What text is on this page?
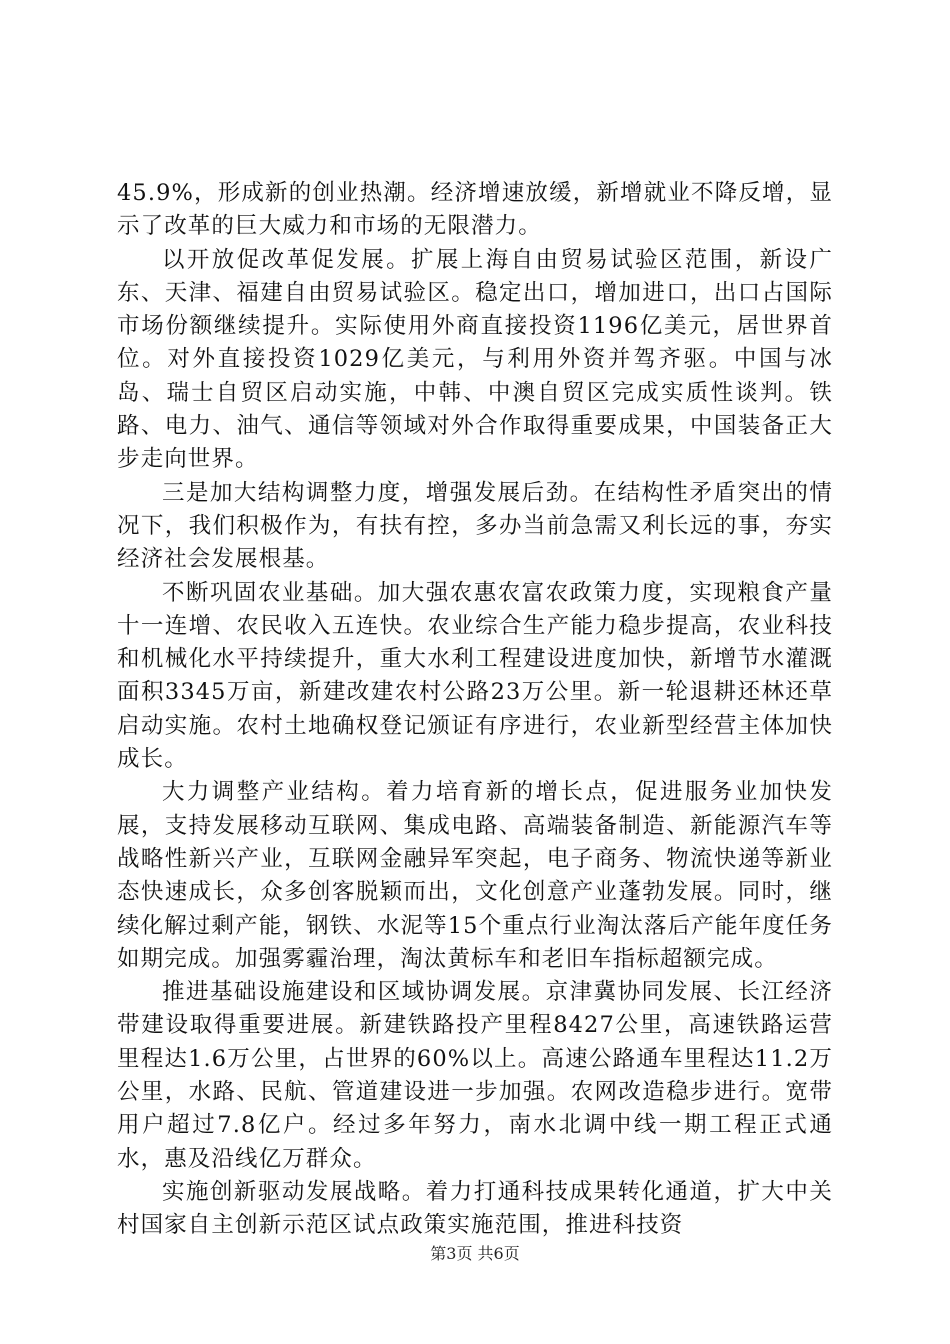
45.9%，形成新的创业热潮。经济增速放缓，新增就业不降反增，显示了改革的巨大威力和市场的无限潜力。

以开放促改革促发展。扩展上海自由贸易试验区范围，新设广东、天津、福建自由贸易试验区。稳定出口，增加进口，出口占国际市场份额继续提升。实际使用外商直接投资1196亿美元，居世界首位。对外直接投资1029亿美元，与利用外资并驾齐驱。中国与冰岛、瑞士自贸区启动实施，中韩、中澳自贸区完成实质性谈判。铁路、电力、油气、通信等领域对外合作取得重要成果，中国装备正大步走向世界。

三是加大结构调整力度，增强发展后劲。在结构性矛盾突出的情况下，我们积极作为，有扶有控，多办当前急需又利长远的事，夯实经济社会发展根基。

不断巩固农业基础。加大强农惠农富农政策力度，实现粮食产量十一连增、农民收入五连快。农业综合生产能力稳步提高，农业科技和机械化水平持续提升，重大水利工程建设进度加快，新增节水灌溉面积3345万亩，新建改建农村公路23万公里。新一轮退耕还林还草启动实施。农村土地确权登记颁证有序进行，农业新型经营主体加快成长。

大力调整产业结构。着力培育新的增长点，促进服务业加快发展，支持发展移动互联网、集成电路、高端装备制造、新能源汽车等战略性新兴产业，互联网金融异军突起，电子商务、物流快递等新业态快速成长，众多创客脱颖而出，文化创意产业蓬勃发展。同时，继续化解过剩产能，钢铁、水泥等15个重点行业淘汰落后产能年度任务如期完成。加强雾霾治理，淘汰黄标车和老旧车指标超额完成。

推进基础设施建设和区域协调发展。京津冀协同发展、长江经济带建设取得重要进展。新建铁路投产里程8427公里，高速铁路运营里程达1.6万公里，占世界的60%以上。高速公路通车里程达11.2万公里，水路、民航、管道建设进一步加强。农网改造稳步进行。宽带用户超过7.8亿户。经过多年努力，南水北调中线一期工程正式通水，惠及沿线亿万群众。

实施创新驱动发展战略。着力打通科技成果转化通道，扩大中关村国家自主创新示范区试点政策实施范围，推进科技资

第3页 共6页
